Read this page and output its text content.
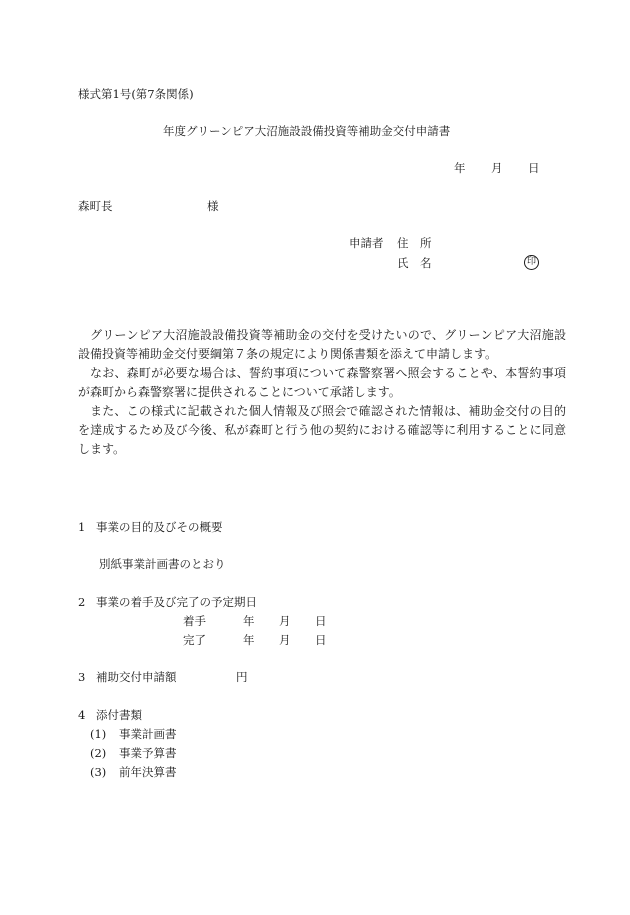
様式第1号(第7条関係)
年度グリーンピア大沼施設設備投資等補助金交付申請書
年 月 日
森町長	様
申請者 住　所
氏　名	印

グリーンピア大沼施設設備投資等補助金の交付を受けたいので、グリーンピア大沼施設設備投資等補助金交付要綱第７条の規定により関係書類を添えて申請します。

なお、森町が必要な場合は、誓約事項について森警察署へ照会することや、本誓約事項が森町から森警察署に提供されることについて承諾します。

また、この様式に記載された個人情報及び照会で確認された情報は、補助金交付の目的を達成するため及び今後、私が森町と行う他の契約における確認等に利用することに同意します。

1 事業の目的及びその概要
別紙事業計画書のとおり
2 事業の着手及び完了の予定期日
着手	年 月 日
完了	年 月 日
3 補助交付申請額	円
4 添付書類
(1) 事業計画書
(2) 事業予算書
(3) 前年決算書
